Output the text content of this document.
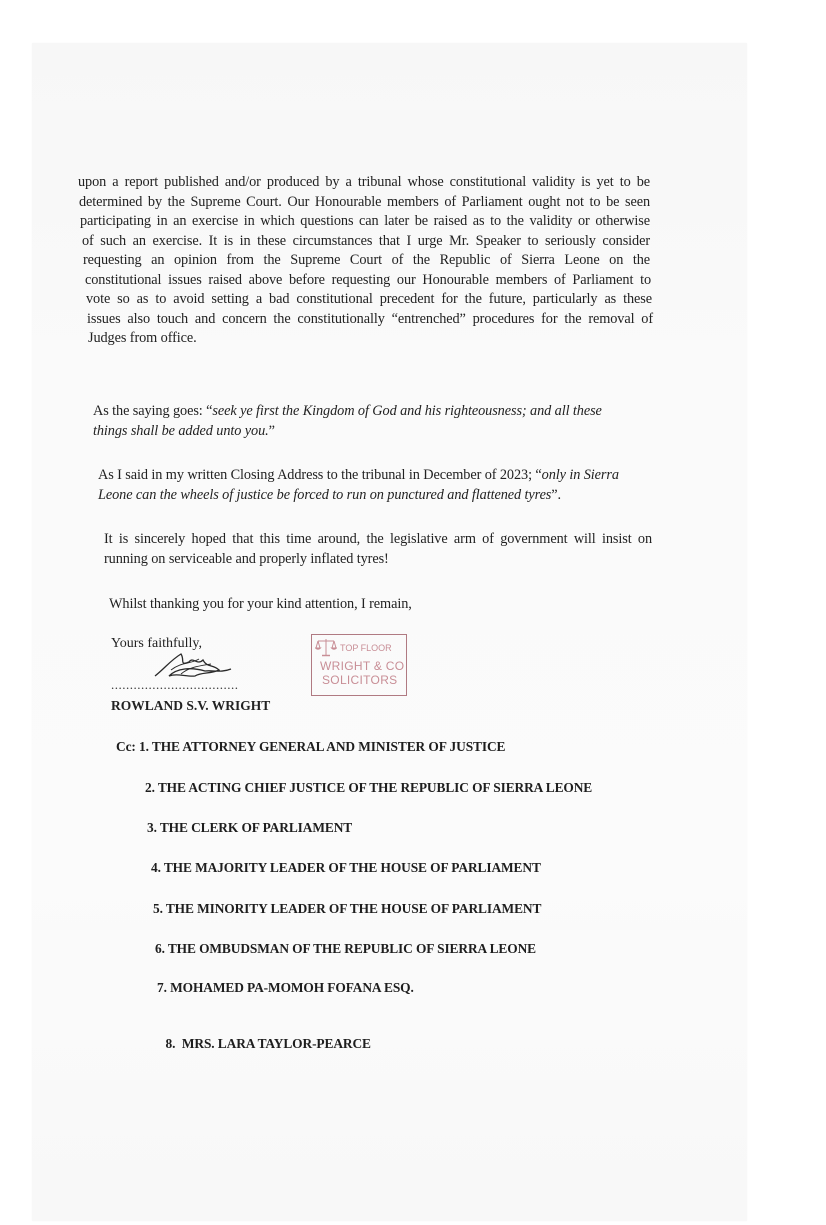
upon a report published and/or produced by a tribunal whose constitutional validity is yet to be
determined by the Supreme Court. Our Honourable members of Parliament ought not to be seen
participating in an exercise in which questions can later be raised as to the validity or otherwise
of such an exercise. It is in these circumstances that I urge Mr. Speaker to seriously consider
requesting an opinion from the Supreme Court of the Republic of Sierra Leone on the
constitutional issues raised above before requesting our Honourable members of Parliament to
vote so as to avoid setting a bad constitutional precedent for the future, particularly as these
issues also touch and concern the constitutionally “entrenched” procedures for the removal of
Judges from office.
As the saying goes: “seek ye first the Kingdom of God and his righteousness; and all these
things shall be added unto you.”
As I said in my written Closing Address to the tribunal in December of 2023; “only in Sierra
Leone can the wheels of justice be forced to run on punctured and flattened tyres”.
It is sincerely hoped that this time around, the legislative arm of government will insist on
running on serviceable and properly inflated tyres!
Whilst thanking you for your kind attention, I remain,
Yours faithfully,
..................................
ROWLAND S.V. WRIGHT
WRIGHT & CO
SOLICITORS
TOP FLOOR
Cc: 1. THE ATTORNEY GENERAL AND MINISTER OF JUSTICE
2. THE ACTING CHIEF JUSTICE OF THE REPUBLIC OF SIERRA LEONE
3. THE CLERK OF PARLIAMENT
4. THE MAJORITY LEADER OF THE HOUSE OF PARLIAMENT
5. THE MINORITY LEADER OF THE HOUSE OF PARLIAMENT
6. THE OMBUDSMAN OF THE REPUBLIC OF SIERRA LEONE
7. MOHAMED PA-MOMOH FOFANA ESQ.

8.  MRS. LARA TAYLOR-PEARCE
